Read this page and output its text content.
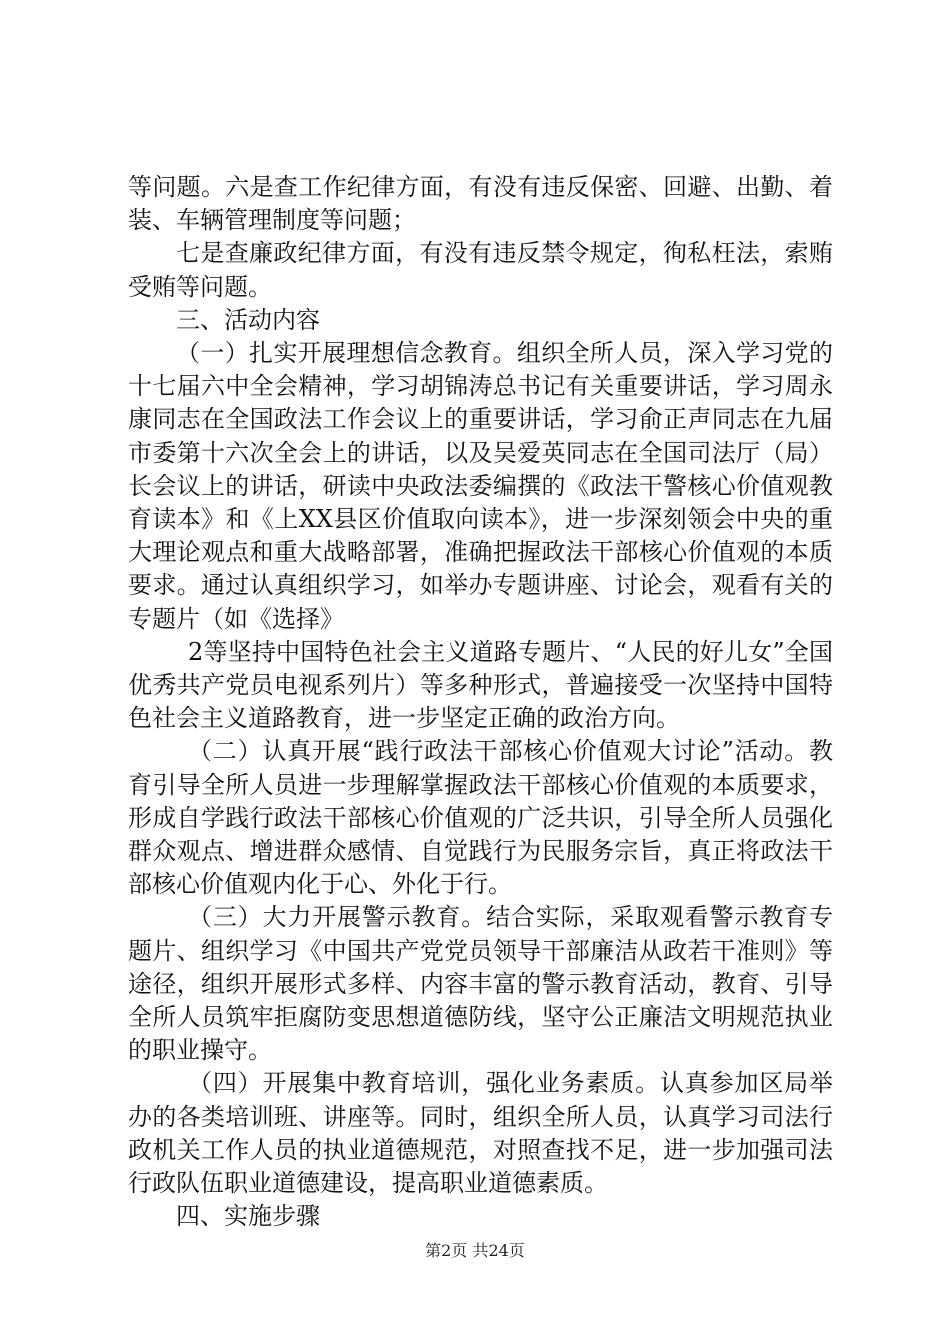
等问题。六是查工作纪律方面，有没有违反保密、回避、出勤、着装、车辆管理制度等问题；

七是查廉政纪律方面，有没有违反禁令规定，徇私枉法，索贿受贿等问题。

三、活动内容

（一）扎实开展理想信念教育。组织全所人员，深入学习党的十七届六中全会精神，学习胡锦涛总书记有关重要讲话，学习周永康同志在全国政法工作会议上的重要讲话，学习俞正声同志在九届市委第十六次全会上的讲话，以及吴爱英同志在全国司法厅（局）长会议上的讲话，研读中央政法委编撰的《政法干警核心价值观教育读本》和《上XX县区价值取向读本》，进一步深刻领会中央的重大理论观点和重大战略部署，准确把握政法干部核心价值观的本质要求。通过认真组织学习，如举办专题讲座、讨论会，观看有关的专题片（如《选择》

2等坚持中国特色社会主义道路专题片、“人民的好儿女”全国优秀共产党员电视系列片）等多种形式，普遍接受一次坚持中国特色社会主义道路教育，进一步坚定正确的政治方向。

（二）认真开展“践行政法干部核心价值观大讨论”活动。教育引导全所人员进一步理解掌握政法干部核心价值观的本质要求，形成自学践行政法干部核心价值观的广泛共识，引导全所人员强化群众观点、增进群众感情、自觉践行为民服务宗旨，真正将政法干部核心价值观内化于心、外化于行。

（三）大力开展警示教育。结合实际，采取观看警示教育专题片、组织学习《中国共产党党员领导干部廉洁从政若干准则》等途径，组织开展形式多样、内容丰富的警示教育活动，教育、引导全所人员筑牢拒腐防变思想道德防线，坚守公正廉洁文明规范执业的职业操守。

（四）开展集中教育培训，强化业务素质。认真参加区局举办的各类培训班、讲座等。同时，组织全所人员，认真学习司法行政机关工作人员的执业道德规范，对照查找不足，进一步加强司法行政队伍职业道德建设，提高职业道德素质。

四、实施步骤

第2页 共24页
